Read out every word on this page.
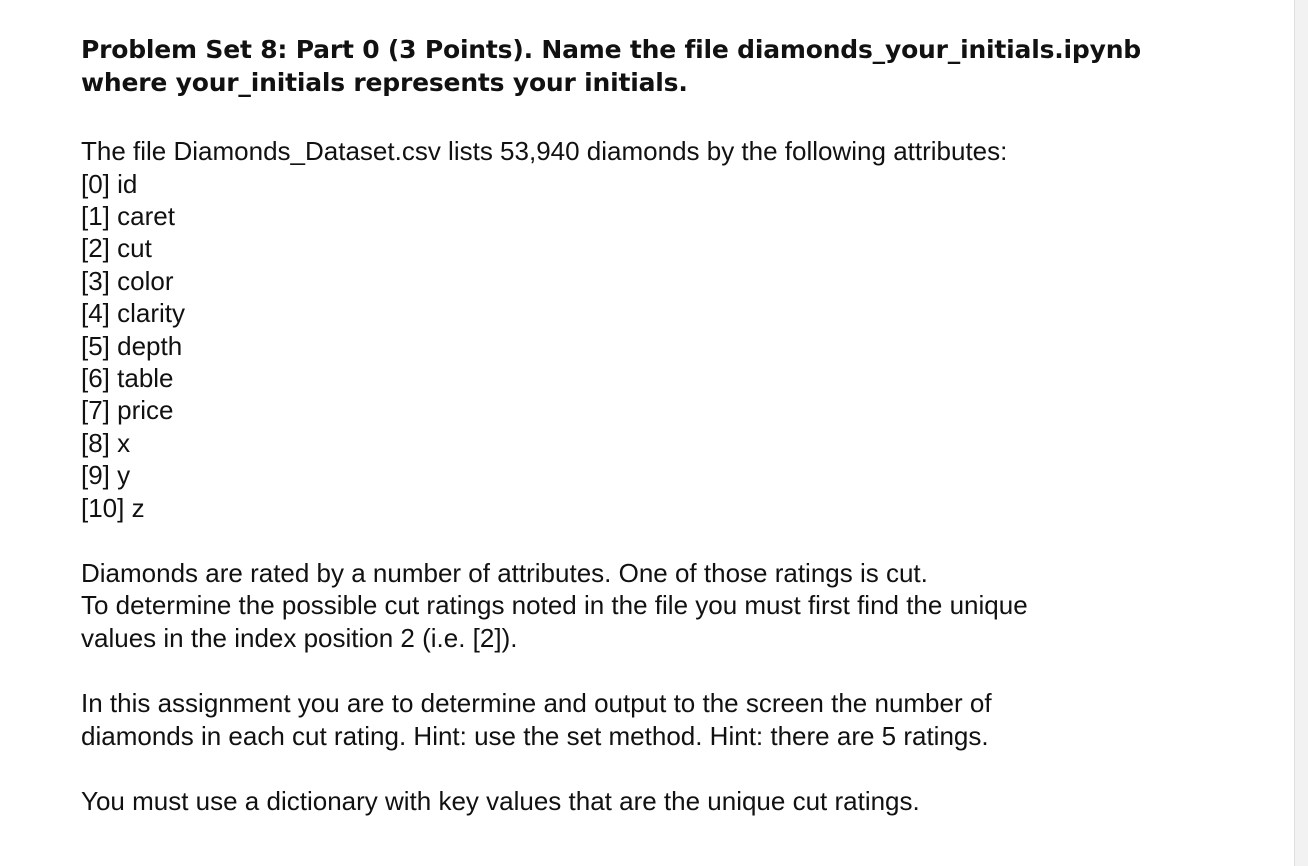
Problem Set 8: Part 0 (3 Points). Name the file diamonds_your_initials.ipynb
where your_initials represents your initials.
The file Diamonds_Dataset.csv lists 53,940 diamonds by the following attributes:
[0] id
[1] caret
[2] cut
[3] color
[4] clarity
[5] depth
[6] table
[7] price
[8] x
[9] y
[10] z
Diamonds are rated by a number of attributes. One of those ratings is cut.
To determine the possible cut ratings noted in the file you must first find the unique
values in the index position 2 (i.e. [2]).
In this assignment you are to determine and output to the screen the number of
diamonds in each cut rating. Hint: use the set method. Hint: there are 5 ratings.
You must use a dictionary with key values that are the unique cut ratings.
